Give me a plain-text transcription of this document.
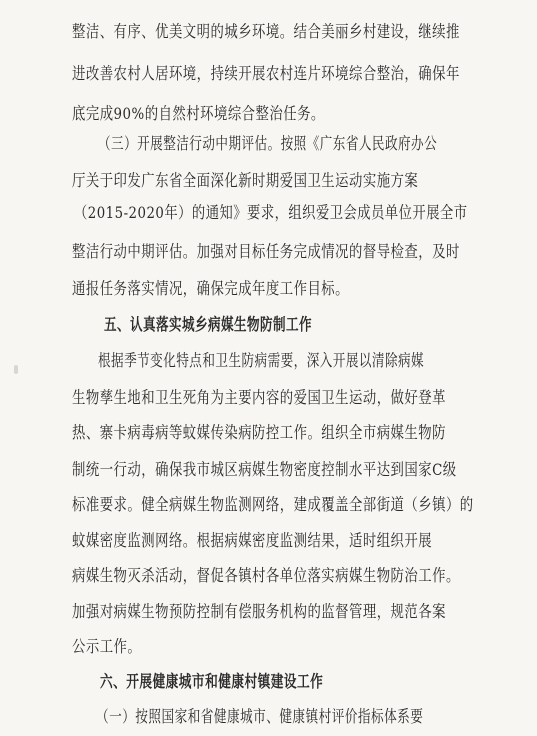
整洁、有序、优美文明的城乡环境。结合美丽乡村建设，继续推
进改善农村人居环境，持续开展农村连片环境综合整治，确保年
底完成90%的自然村环境综合整治任务。
（三）开展整洁行动中期评估。按照《广东省人民政府办公
厅关于印发广东省全面深化新时期爱国卫生运动实施方案
（2015-2020年）的通知》要求，组织爱卫会成员单位开展全市
整洁行动中期评估。加强对目标任务完成情况的督导检查，及时
通报任务落实情况，确保完成年度工作目标。
五、认真落实城乡病媒生物防制工作
根据季节变化特点和卫生防病需要，深入开展以清除病媒
生物孳生地和卫生死角为主要内容的爱国卫生运动，做好登革
热、寨卡病毒病等蚊媒传染病防控工作。组织全市病媒生物防
制统一行动，确保我市城区病媒生物密度控制水平达到国家C级
标准要求。健全病媒生物监测网络，建成覆盖全部街道（乡镇）的
蚊媒密度监测网络。根据病媒密度监测结果，适时组织开展
病媒生物灭杀活动，督促各镇村各单位落实病媒生物防治工作。
加强对病媒生物预防控制有偿服务机构的监督管理，规范各案
公示工作。
六、开展健康城市和健康村镇建设工作
（一）按照国家和省健康城市、健康镇村评价指标体系要
